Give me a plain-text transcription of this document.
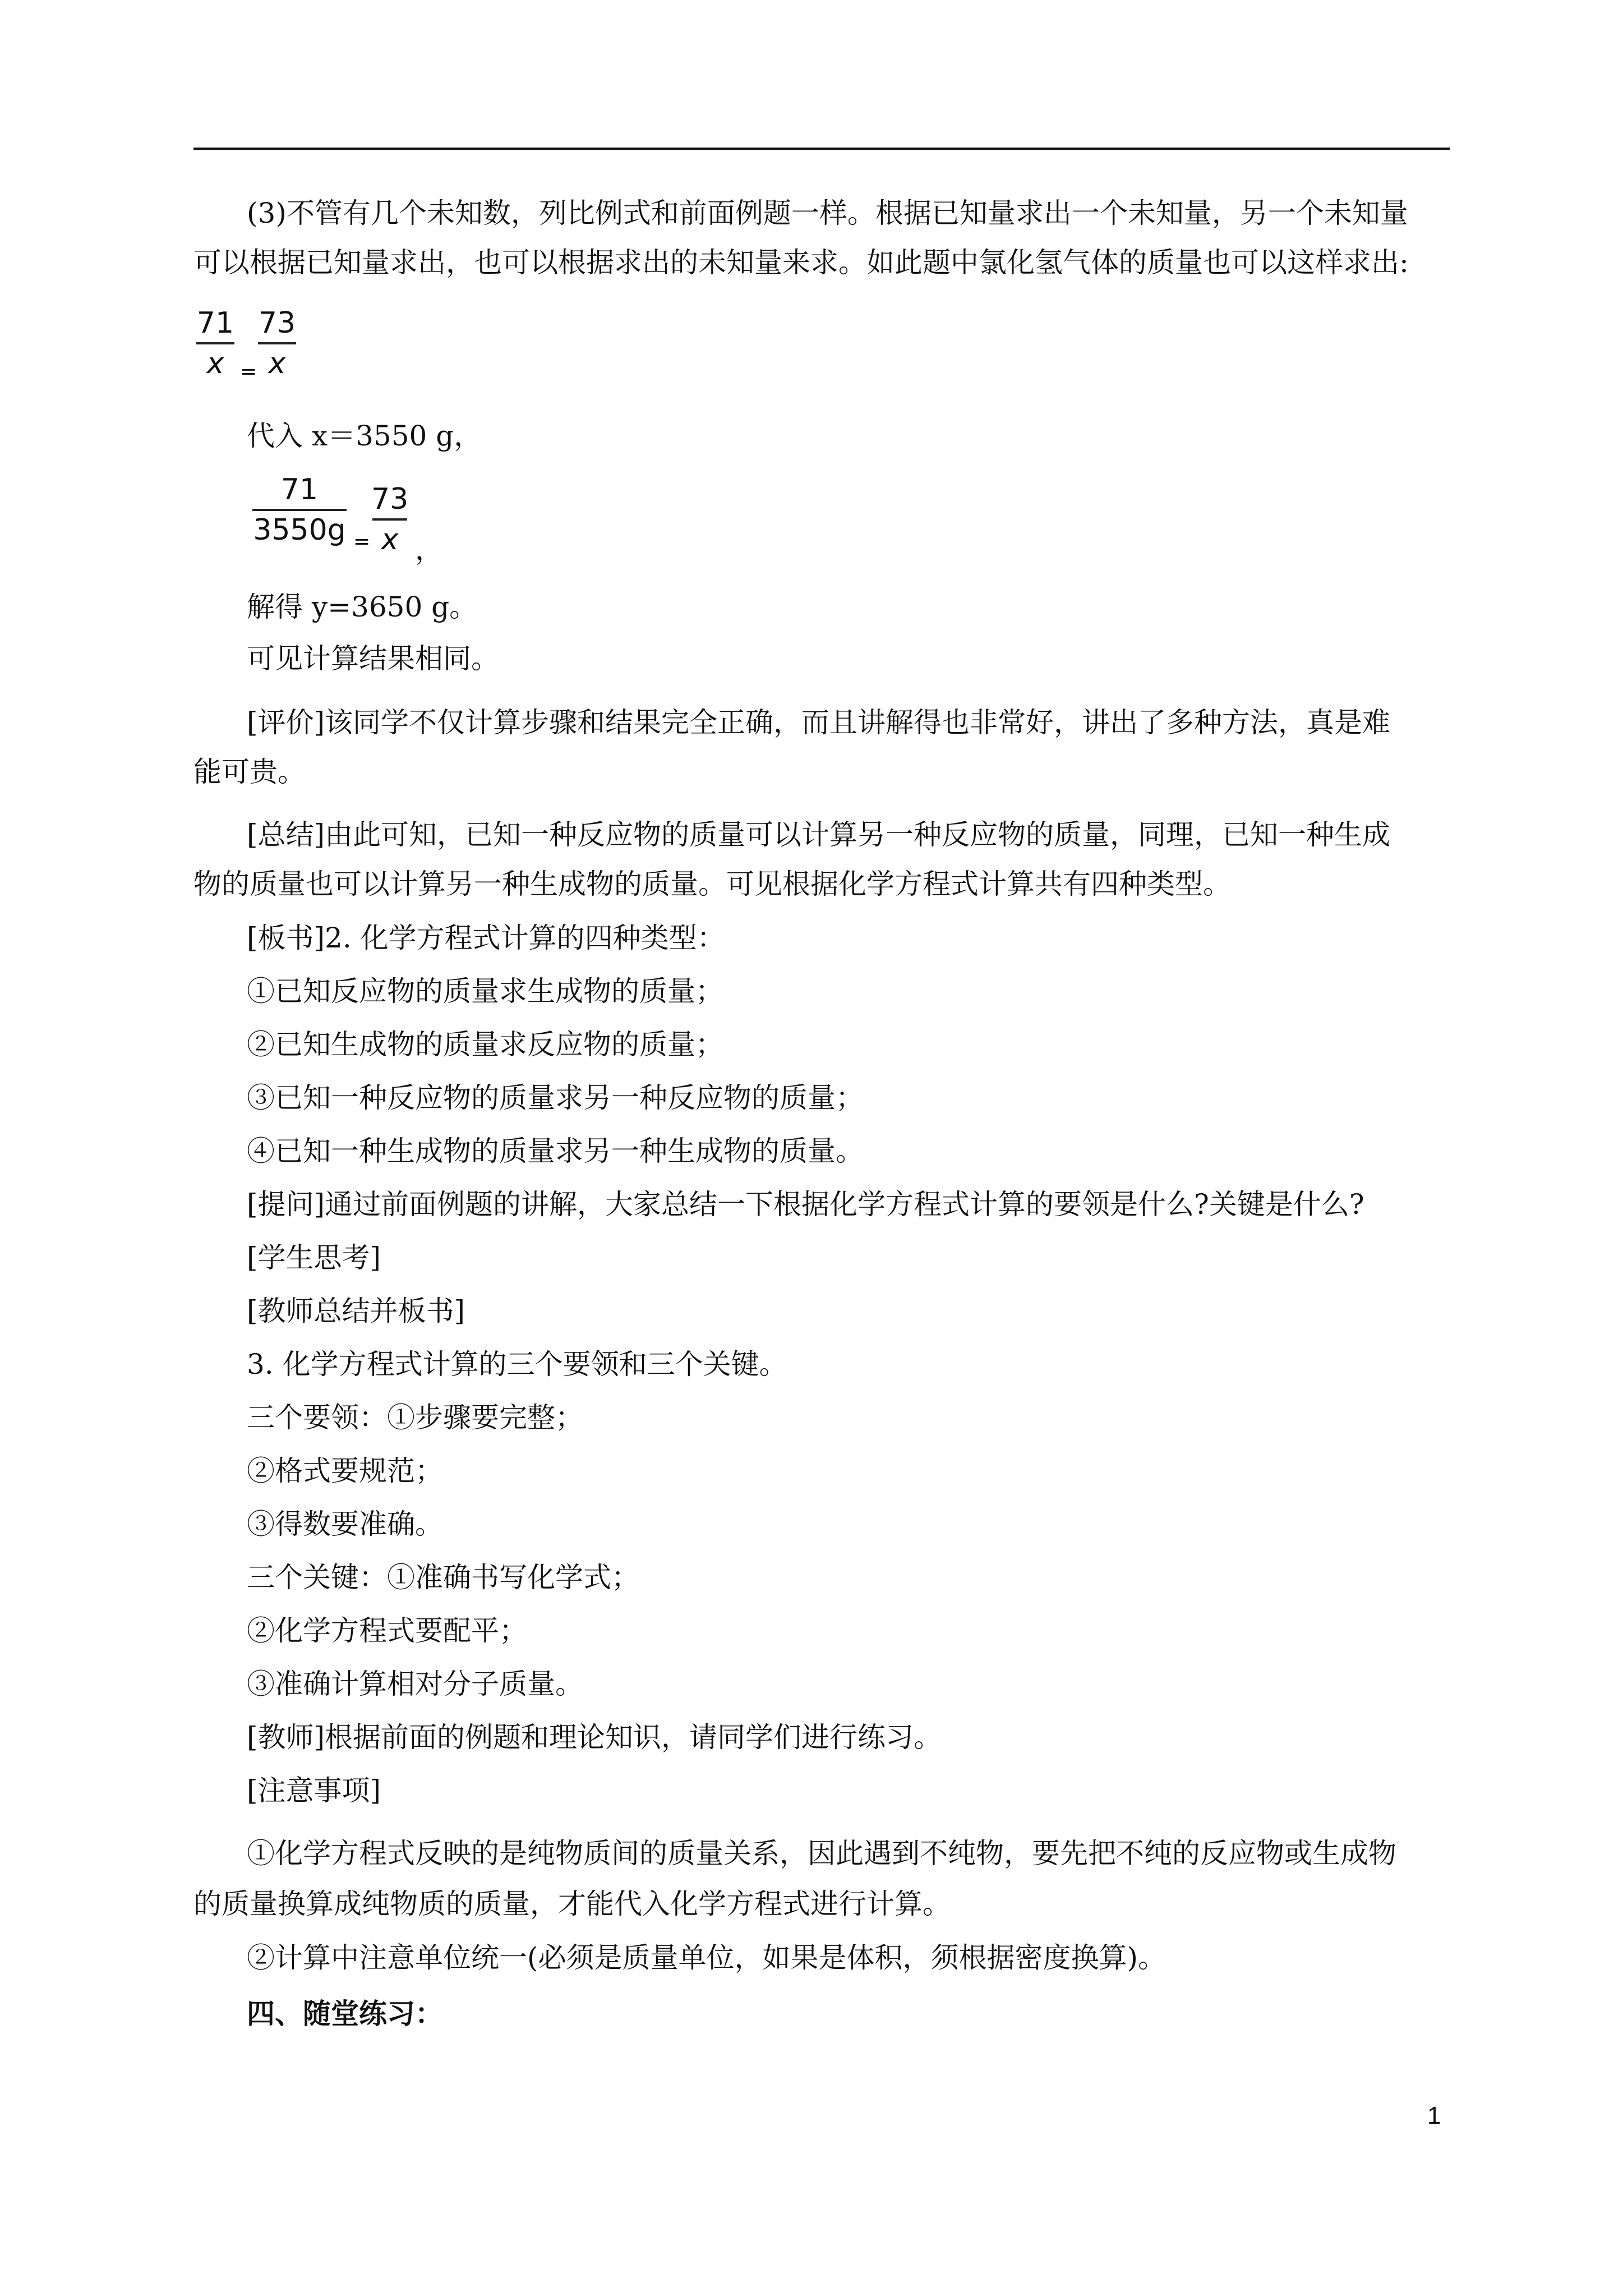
(3)不管有几个未知数，列比例式和前面例题一样。根据已知量求出一个未知量，另一个未知量
可以根据已知量求出，也可以根据求出的未知量来求。如此题中氯化氢气体的质量也可以这样求出:
71
x =
73
x
代入 x＝3550 g，
71
3550g =
73
x ，
解得 y=3650 g。
可见计算结果相同。
[评价]该同学不仅计算步骤和结果完全正确，而且讲解得也非常好，讲出了多种方法，真是难
能可贵。
[总结]由此可知，已知一种反应物的质量可以计算另一种反应物的质量，同理，已知一种生成
物的质量也可以计算另一种生成物的质量。可见根据化学方程式计算共有四种类型。
[板书]2. 化学方程式计算的四种类型：
①已知反应物的质量求生成物的质量；
②已知生成物的质量求反应物的质量；
③已知一种反应物的质量求另一种反应物的质量；
④已知一种生成物的质量求另一种生成物的质量。
[提问]通过前面例题的讲解，大家总结一下根据化学方程式计算的要领是什么?关键是什么?
[学生思考]
[教师总结并板书]
3. 化学方程式计算的三个要领和三个关键。
三个要领：①步骤要完整；
②格式要规范；
③得数要准确。
三个关键：①准确书写化学式；
②化学方程式要配平；
③准确计算相对分子质量。
[教师]根据前面的例题和理论知识，请同学们进行练习。
[注意事项]
①化学方程式反映的是纯物质间的质量关系，因此遇到不纯物，要先把不纯的反应物或生成物
的质量换算成纯物质的质量，才能代入化学方程式进行计算。
②计算中注意单位统一(必须是质量单位，如果是体积，须根据密度换算)。
四、随堂练习：
1
